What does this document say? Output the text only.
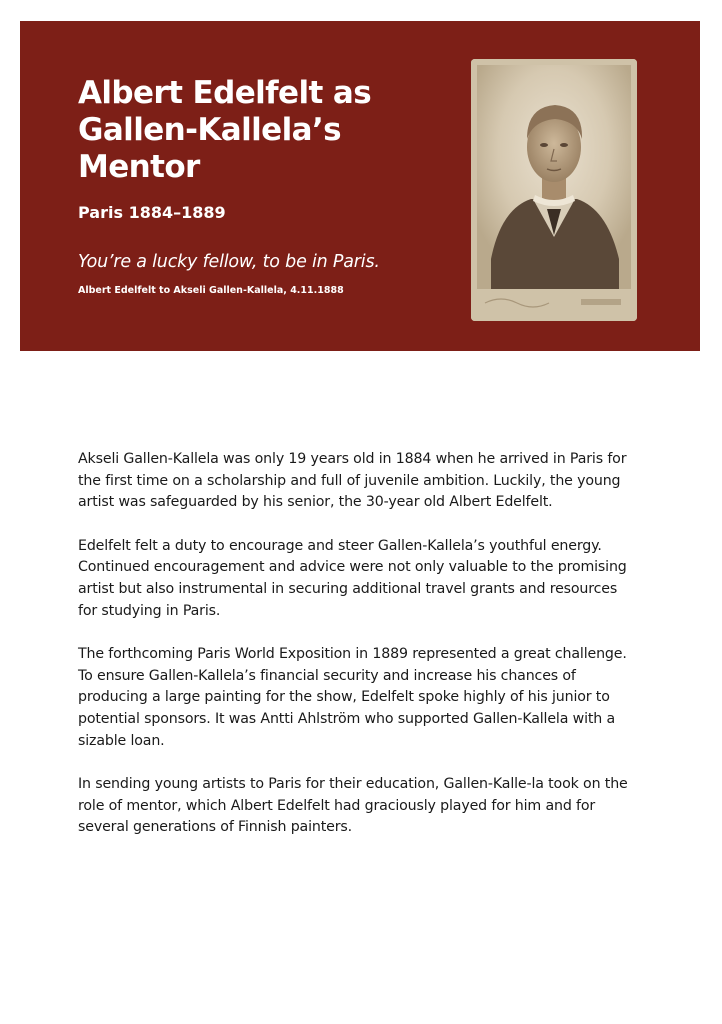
Albert Edelfelt as Gallen-Kallela’s Mentor
Paris 1884–1889
You’re a lucky fellow, to be in Paris.
Albert Edelfelt to Akseli Gallen-Kallela, 4.11.1888

Akseli Gallen-Kallela was only 19 years old in 1884 when he arrived in Paris for the first time on a scholarship and full of juvenile ambition. Luckily, the young artist was safeguarded by his senior, the 30-year old Albert Edelfelt.

Edelfelt felt a duty to encourage and steer Gallen-Kallela’s youthful energy. Continued encouragement and advice were not only valuable to the promising artist but also instrumental in securing additional travel grants and resources for studying in Paris.

The forthcoming Paris World Exposition in 1889 represented a great challenge. To ensure Gallen-Kallela’s financial security and increase his chances of producing a large painting for the show, Edelfelt spoke highly of his junior to potential sponsors. It was Antti Ahlström who supported Gallen-Kallela with a sizable loan.

In sending young artists to Paris for their education, Gallen-Kalle-la took on the role of mentor, which Albert Edelfelt had graciously played for him and for several generations of Finnish painters.
